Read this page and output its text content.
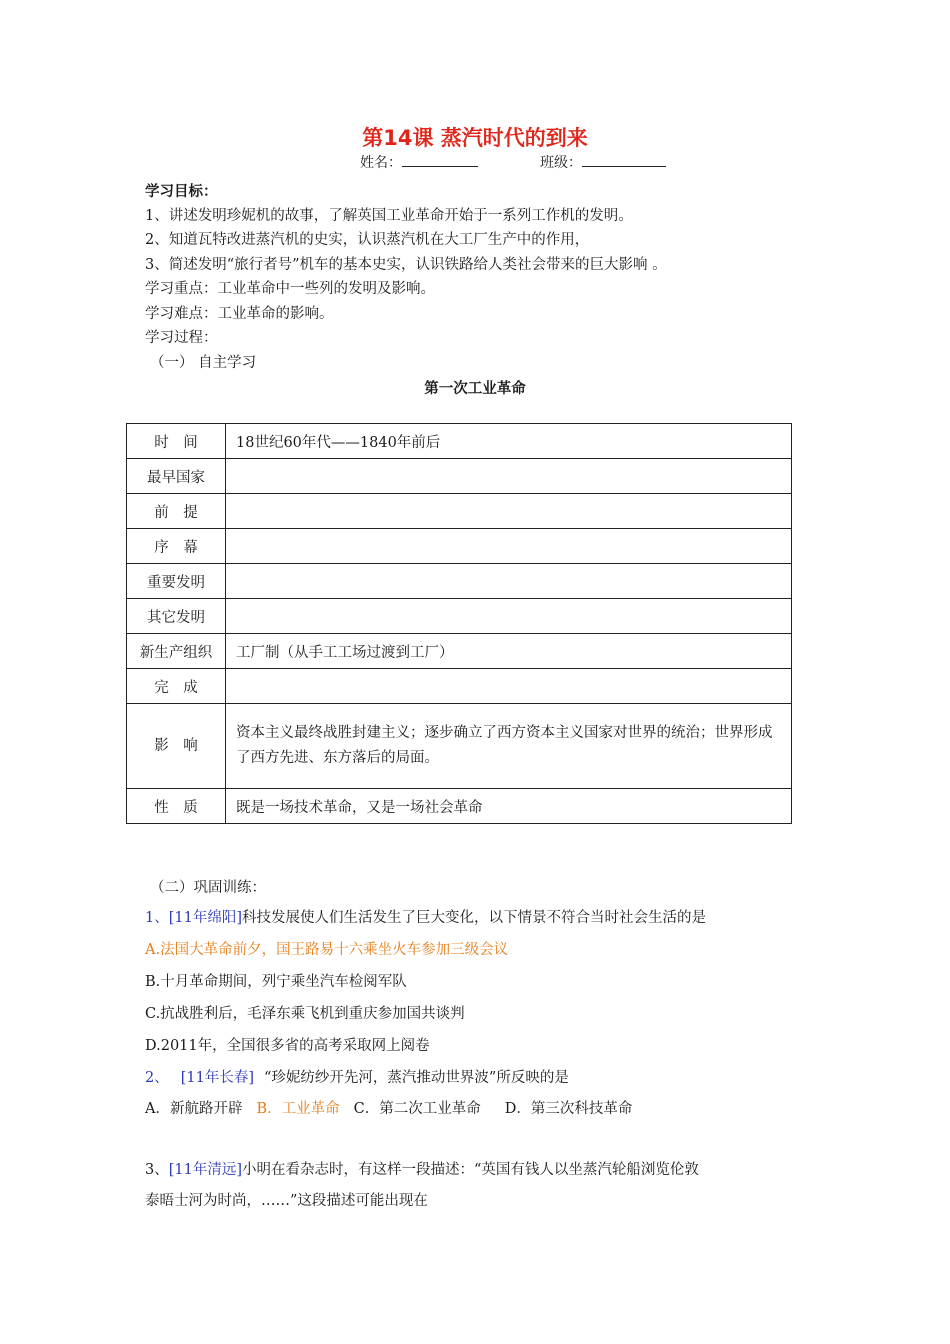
第14课 蒸汽时代的到来
姓名：	班级：
学习目标：
1、讲述发明珍妮机的故事，了解英国工业革命开始于一系列工作机的发明。
2、知道瓦特改进蒸汽机的史实，认识蒸汽机在大工厂生产中的作用，
3、简述发明“旅行者号”机车的基本史实，认识铁路给人类社会带来的巨大影响 。
学习重点：工业革命中一些列的发明及影响。
学习难点：工业革命的影响。
学习过程：
（一） 自主学习
第一次工业革命
时　间	18世纪60年代——1840年前后
最早国家	
前　提	
序　幕	
重要发明	
其它发明	
新生产组织	工厂制（从手工工场过渡到工厂）
完　成	
影　响	资本主义最终战胜封建主义；逐步确立了西方资本主义国家对世界的统治；世界形成了西方先进、东方落后的局面。
性　质	既是一场技术革命，又是一场社会革命
（二）巩固训练：
1、[11年绵阳]科技发展使人们生活发生了巨大变化，以下情景不符合当时社会生活的是
A.法国大革命前夕，国王路易十六乘坐火车参加三级会议
B.十月革命期间，列宁乘坐汽车检阅军队
C.抗战胜利后，毛泽东乘飞机到重庆参加国共谈判
D.2011年，全国很多省的高考采取网上阅卷
2、 [11年长春] “珍妮纺纱开先河，蒸汽推动世界波”所反映的是
A．新航路开辟 B．工业革命 C．第二次工业革命 D．第三次科技革命
3、[11年清远]小明在看杂志时，有这样一段描述：“英国有钱人以坐蒸汽轮船浏览伦敦
泰晤士河为时尚，……”这段描述可能出现在
